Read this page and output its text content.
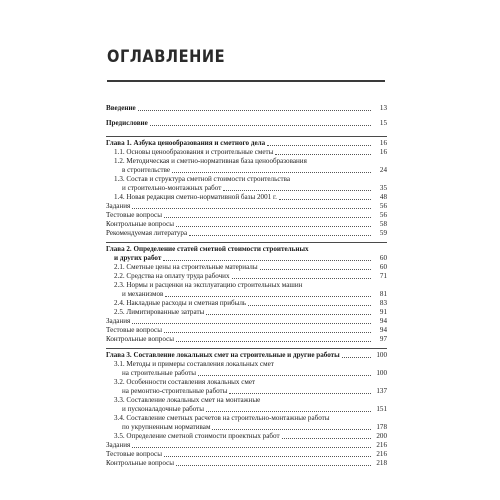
ОГЛАВЛЕНИЕ
Введение	13
Предисловие	15
Глава 1. Азбука ценообразования и сметного дела	16
1.1. Основы ценообразования и строительные сметы	16
1.2. Методическая и сметно-нормативная база ценообразования
в строительстве	24
1.3. Состав и структура сметной стоимости строительства
и строительно-монтажных работ	35
1.4. Новая редакция сметно-нормативной базы 2001 г.	48
Задания	56
Тестовые вопросы	56
Контрольные вопросы	58
Рекомендуемая литература	59
Глава 2. Определение статей сметной стоимости строительных
и других работ	60
2.1. Сметные цены на строительные материалы	60
2.2. Средства на оплату труда рабочих	71
2.3. Нормы и расценки на эксплуатацию строительных машин
и механизмов	81
2.4. Накладные расходы и сметная прибыль	83
2.5. Лимитированные затраты	91
Задания	94
Тестовые вопросы	94
Контрольные вопросы	97
Глава 3. Составление локальных смет на строительные и другие работы	100
3.1. Методы и примеры составления локальных смет
на строительные работы	100
3.2. Особенности составления локальных смет
на ремонтно-строительные работы	137
3.3. Составление локальных смет на монтажные
и пусконаладочные работы	151
3.4. Составление сметных расчетов на строительно-монтажные работы
по укрупненным нормативам	178
3.5. Определение сметной стоимости проектных работ	200
Задания	216
Тестовые вопросы	216
Контрольные вопросы	218
